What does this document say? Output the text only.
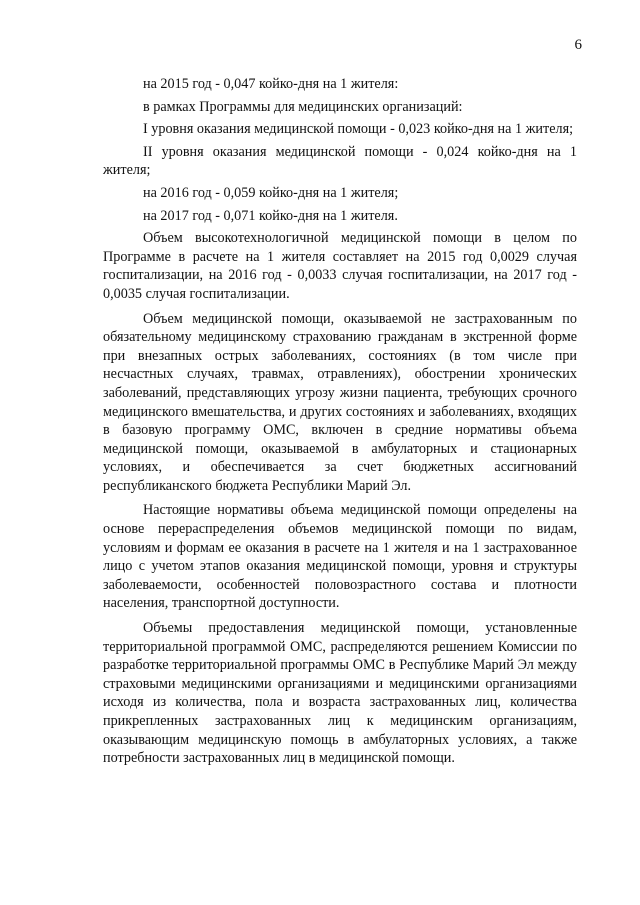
6

на 2015 год - 0,047 койко-дня на 1 жителя:

в рамках Программы для медицинских организаций:

I уровня оказания медицинской помощи - 0,023 койко-дня на 1 жителя;

II уровня оказания медицинской помощи - 0,024 койко-дня на 1 жителя;

на 2016 год - 0,059 койко-дня на 1 жителя;

на 2017 год - 0,071 койко-дня на 1 жителя.

Объем высокотехнологичной медицинской помощи в целом по Программе в расчете на 1 жителя составляет на 2015 год 0,0029 случая госпитализации, на 2016 год - 0,0033 случая госпитализации, на 2017 год - 0,0035 случая госпитализации.

Объем медицинской помощи, оказываемой не застрахованным по обязательному медицинскому страхованию гражданам в экстренной форме при внезапных острых заболеваниях, состояниях (в том числе при несчастных случаях, травмах, отравлениях), обострении хронических заболеваний, представляющих угрозу жизни пациента, требующих срочного медицинского вмешательства, и других состояниях и заболеваниях, входящих в базовую программу ОМС, включен в средние нормативы объема медицинской помощи, оказываемой в амбулаторных и стационарных условиях, и обеспечивается за счет бюджетных ассигнований республиканского бюджета Республики Марий Эл.

Настоящие нормативы объема медицинской помощи определены на основе перераспределения объемов медицинской помощи по видам, условиям и формам ее оказания в расчете на 1 жителя и на 1 застрахованное лицо с учетом этапов оказания медицинской помощи, уровня и структуры заболеваемости, особенностей половозрастного состава и плотности населения, транспортной доступности.

Объемы предоставления медицинской помощи, установленные территориальной программой ОМС, распределяются решением Комиссии по разработке территориальной программы ОМС в Республике Марий Эл между страховыми медицинскими организациями и медицинскими организациями исходя из количества, пола и возраста застрахованных лиц, количества прикрепленных застрахованных лиц к медицинским организациям, оказывающим медицинскую помощь в амбулаторных условиях, а также потребности застрахованных лиц в медицинской помощи.
